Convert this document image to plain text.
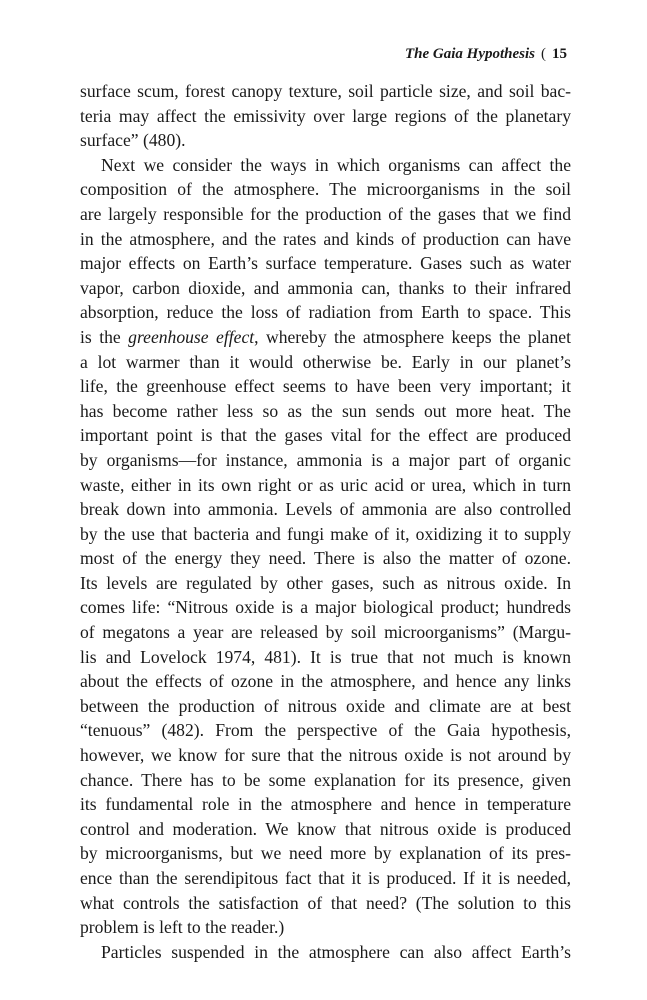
The Gaia Hypothesis ( 15
surface scum, forest canopy texture, soil particle size, and soil bac-
teria may affect the emissivity over large regions of the planetary
surface” (480).
Next we consider the ways in which organisms can affect the
composition of the atmosphere. The microorganisms in the soil
are largely responsible for the production of the gases that we find
in the atmosphere, and the rates and kinds of production can have
major effects on Earth’s surface temperature. Gases such as water
vapor, carbon dioxide, and ammonia can, thanks to their infrared
absorption, reduce the loss of radiation from Earth to space. This
is the greenhouse effect, whereby the atmosphere keeps the planet
a lot warmer than it would otherwise be. Early in our planet’s
life, the greenhouse effect seems to have been very important; it
has become rather less so as the sun sends out more heat. The
important point is that the gases vital for the effect are produced
by organisms—for instance, ammonia is a major part of organic
waste, either in its own right or as uric acid or urea, which in turn
break down into ammonia. Levels of ammonia are also controlled
by the use that bacteria and fungi make of it, oxidizing it to supply
most of the energy they need. There is also the matter of ozone.
Its levels are regulated by other gases, such as nitrous oxide. In
comes life: “Nitrous oxide is a major biological product; hundreds
of megatons a year are released by soil microorganisms” (Margu-
lis and Lovelock 1974, 481). It is true that not much is known
about the effects of ozone in the atmosphere, and hence any links
between the production of nitrous oxide and climate are at best
“tenuous” (482). From the perspective of the Gaia hypothesis,
however, we know for sure that the nitrous oxide is not around by
chance. There has to be some explanation for its presence, given
its fundamental role in the atmosphere and hence in temperature
control and moderation. We know that nitrous oxide is produced
by microorganisms, but we need more by explanation of its pres-
ence than the serendipitous fact that it is produced. If it is needed,
what controls the satisfaction of that need? (The solution to this
problem is left to the reader.)
Particles suspended in the atmosphere can also affect Earth’s
